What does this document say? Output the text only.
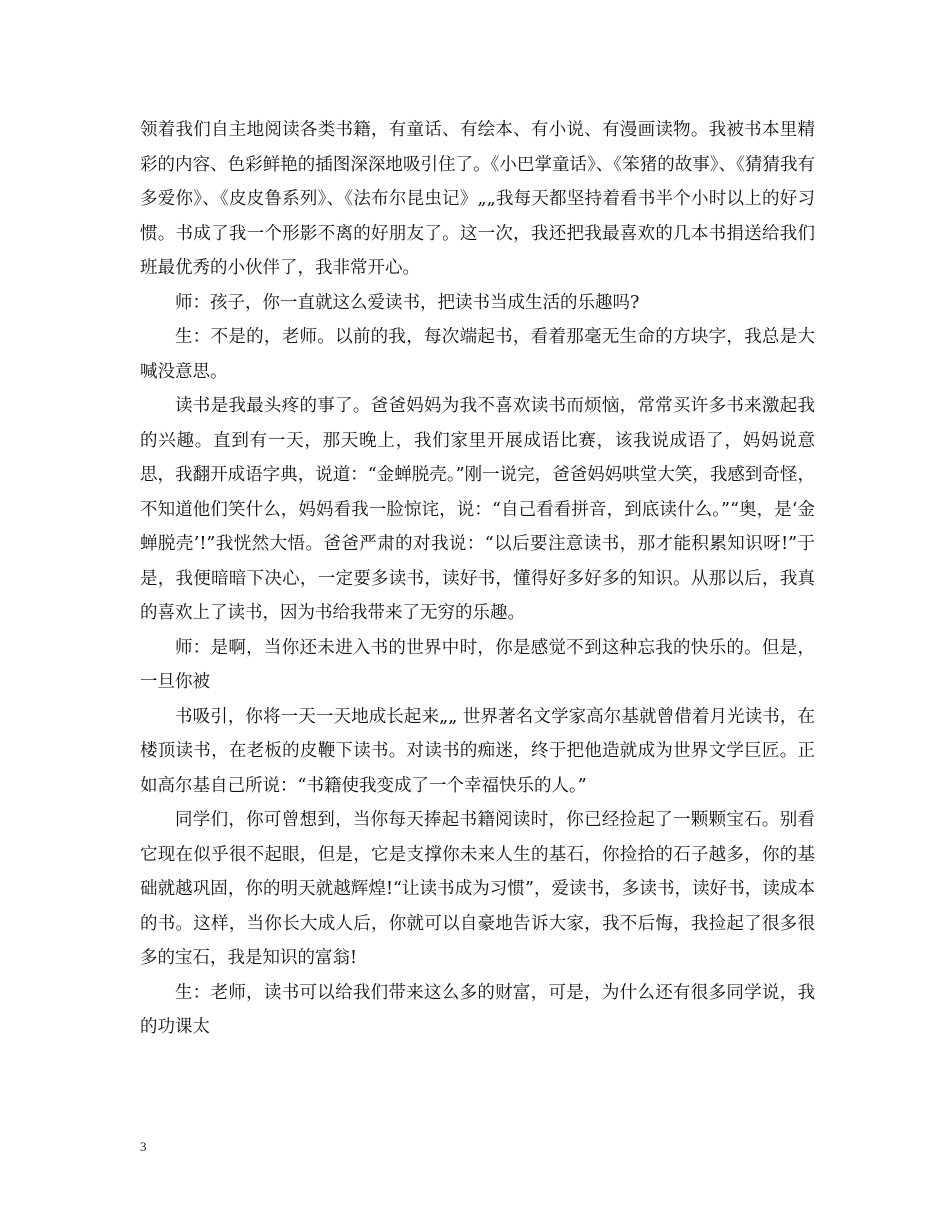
领着我们自主地阅读各类书籍，有童话、有绘本、有小说、有漫画读物。我被书本里精彩的内容、色彩鲜艳的插图深深地吸引住了。《小巴掌童话》、《笨猪的故事》、《猜猜我有多爱你》、《皮皮鲁系列》、《法布尔昆虫记》„„我每天都坚持着看书半个小时以上的好习惯。书成了我一个形影不离的好朋友了。这一次，我还把我最喜欢的几本书捐送给我们班最优秀的小伙伴了，我非常开心。

师：孩子，你一直就这么爱读书，把读书当成生活的乐趣吗?

生：不是的，老师。以前的我，每次端起书，看着那毫无生命的方块字，我总是大喊没意思。

读书是我最头疼的事了。爸爸妈妈为我不喜欢读书而烦恼，常常买许多书来激起我的兴趣。直到有一天，那天晚上，我们家里开展成语比赛，该我说成语了，妈妈说意思，我翻开成语字典，说道：“金蝉脱壳。”刚一说完，爸爸妈妈哄堂大笑，我感到奇怪，不知道他们笑什么，妈妈看我一脸惊诧，说：“自己看看拼音，到底读什么。”“奥，是‘金蝉脱壳’!”我恍然大悟。爸爸严肃的对我说：“以后要注意读书，那才能积累知识呀!”于是，我便暗暗下决心，一定要多读书，读好书，懂得好多好多的知识。从那以后，我真的喜欢上了读书，因为书给我带来了无穷的乐趣。

师：是啊，当你还未进入书的世界中时，你是感觉不到这种忘我的快乐的。但是，一旦你被

书吸引，你将一天一天地成长起来„„ 世界著名文学家高尔基就曾借着月光读书，在楼顶读书，在老板的皮鞭下读书。对读书的痴迷，终于把他造就成为世界文学巨匠。正如高尔基自己所说：“书籍使我变成了一个幸福快乐的人。”

同学们，你可曾想到，当你每天捧起书籍阅读时，你已经捡起了一颗颗宝石。别看它现在似乎很不起眼，但是，它是支撑你未来人生的基石，你捡拾的石子越多，你的基础就越巩固，你的明天就越辉煌!“让读书成为习惯”，爱读书，多读书，读好书，读成本的书。这样，当你长大成人后，你就可以自豪地告诉大家，我不后悔，我捡起了很多很多的宝石，我是知识的富翁!

生：老师，读书可以给我们带来这么多的财富，可是，为什么还有很多同学说，我的功课太

3
